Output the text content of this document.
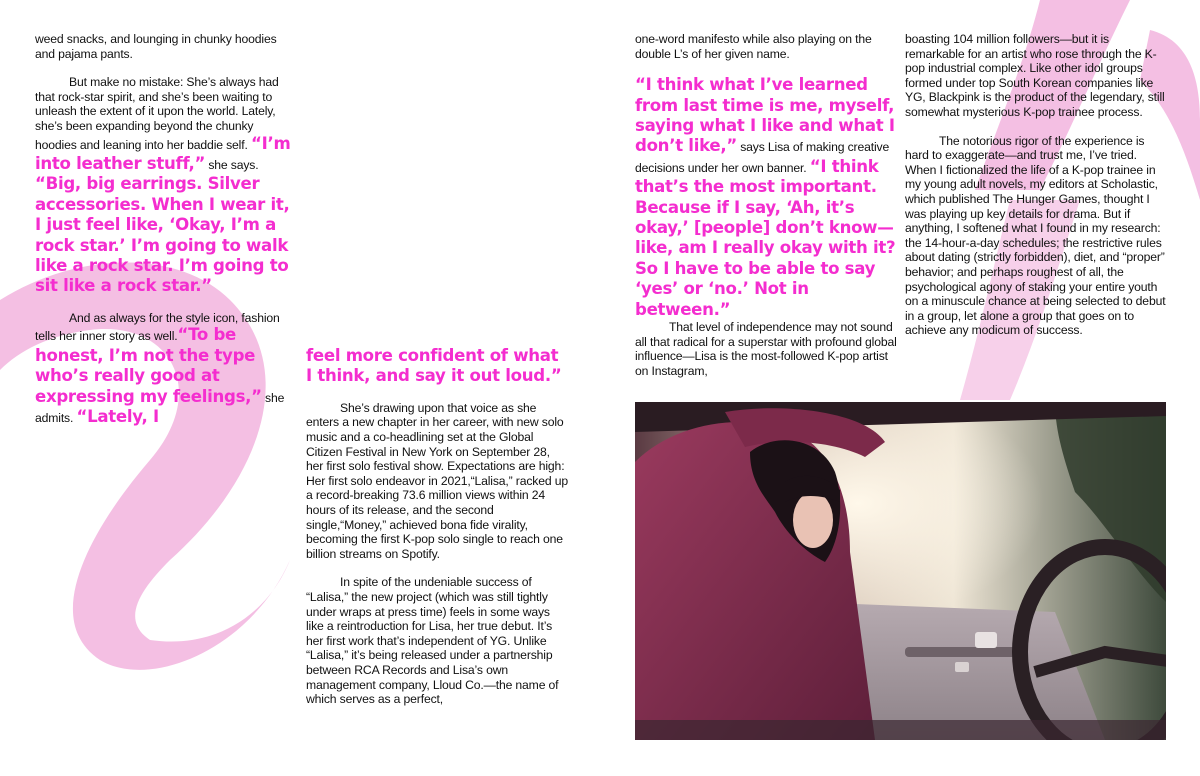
weed snacks, and lounging in chunky hoodies and pajama pants.

But make no mistake: She’s always had that rock-star spirit, and she’s been waiting to unleash the extent of it upon the world. Lately, she’s been expanding beyond the chunky hoodies and leaning into her baddie self. “I’m into leather stuff,” she says. “Big, big earrings. Silver accessories. When I wear it, I just feel like, ‘Okay, I’m a rock star.’ I’m going to walk like a rock star. I’m going to sit like a rock star.”

And as always for the style icon, fashion tells her inner story as well.“To be honest, I’m not the type who’s really good at expressing my feelings,” she admits. “Lately, I

feel more confident of what I think, and say it out loud.”

She’s drawing upon that voice as she enters a new chapter in her career, with new solo music and a co-headlining set at the Global Citizen Festival in New York on September 28, her first solo festival show. Expectations are high: Her first solo endeavor in 2021,“Lalisa,” racked up a record-breaking 73.6 million views within 24 hours of its release, and the second single,“Money,” achieved bona fide virality, becoming the first K-pop solo single to reach one billion streams on Spotify.

In spite of the undeniable success of “Lalisa,” the new project (which was still tightly under wraps at press time) feels in some ways like a reintroduction for Lisa, her true debut. It’s her first work that’s independent of YG. Unlike “Lalisa,” it’s being released under a partnership between RCA Records and Lisa’s own management company, Lloud Co.—the name of which serves as a perfect,

one-word manifesto while also playing on the double L’s of her given name.

“I think what I’ve learned from last time is me, myself, saying what I like and what I don’t like,” says Lisa of making creative decisions under her own banner. “I think that’s the most important. Because if I say, ‘Ah, it’s okay,’ [people] don’t know—like, am I really okay with it? So I have to be able to say ‘yes’ or ‘no.’ Not in between.”

That level of independence may not sound all that radical for a superstar with profound global influence—Lisa is the most-followed K-pop artist on Instagram,

boasting 104 million followers—but it is remarkable for an artist who rose through the K-pop industrial complex. Like other idol groups formed under top South Korean companies like YG, Blackpink is the product of the legendary, still somewhat mysterious K-pop trainee process.

The notorious rigor of the experience is hard to exaggerate—and trust me, I’ve tried. When I fictionalized the life of a K-pop trainee in my young adult novels, my editors at Scholastic, which published The Hunger Games, thought I was playing up key details for drama. But if anything, I softened what I found in my research: the 14-hour-a-day schedules; the restrictive rules about dating (strictly forbidden), diet, and “proper” behavior; and perhaps roughest of all, the psychological agony of staking your entire youth on a minuscule chance at being selected to debut in a group, let alone a group that goes on to achieve any modicum of success.
